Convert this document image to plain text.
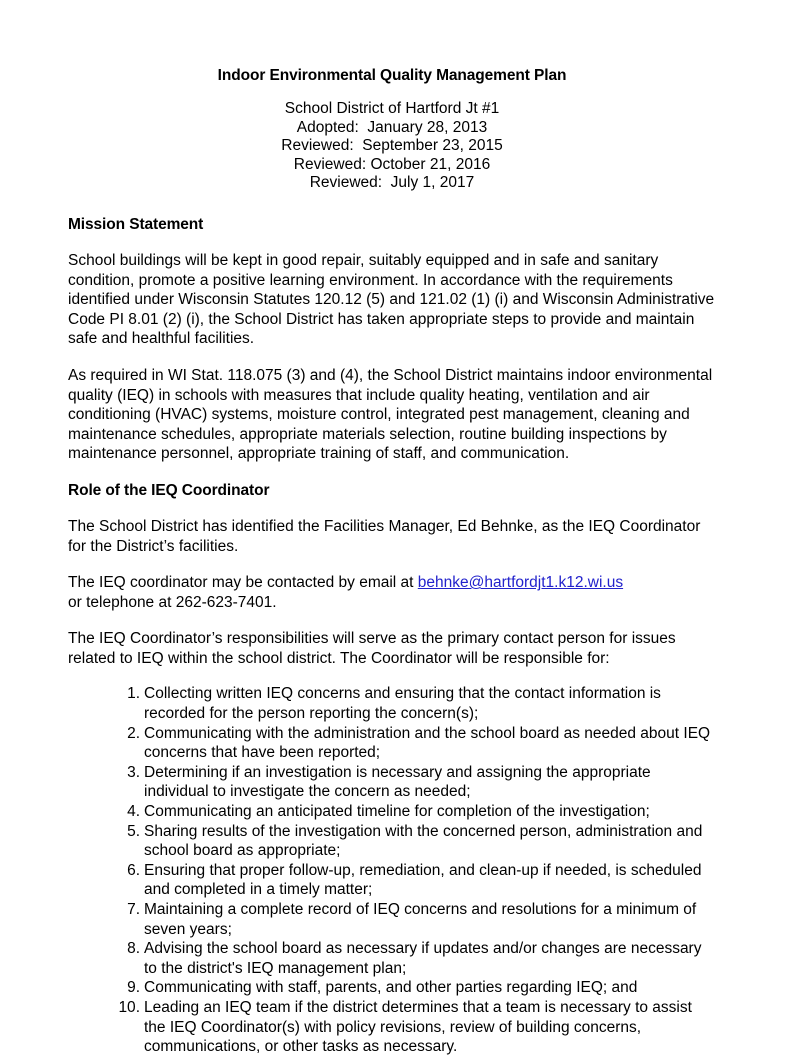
Indoor Environmental Quality Management Plan
School District of Hartford Jt #1
Adopted:  January 28, 2013
Reviewed:  September 23, 2015
Reviewed: October 21, 2016
Reviewed:  July 1, 2017
Mission Statement

School buildings will be kept in good repair, suitably equipped and in safe and sanitary condition, promote a positive learning environment. In accordance with the requirements identified under Wisconsin Statutes 120.12 (5) and 121.02 (1) (i) and Wisconsin Administrative Code PI 8.01 (2) (i), the School District has taken appropriate steps to provide and maintain safe and healthful facilities.

As required in WI Stat. 118.075 (3) and (4), the School District maintains indoor environmental quality (IEQ) in schools with measures that include quality heating, ventilation and air conditioning (HVAC) systems, moisture control, integrated pest management, cleaning and maintenance schedules, appropriate materials selection, routine building inspections by maintenance personnel, appropriate training of staff, and communication.

Role of the IEQ Coordinator

The School District has identified the Facilities Manager, Ed Behnke, as the IEQ Coordinator for the District’s facilities.

The IEQ coordinator may be contacted by email at behnke@hartfordjt1.k12.wi.us
or telephone at 262-623-7401.

The IEQ Coordinator’s responsibilities will serve as the primary contact person for issues related to IEQ within the school district. The Coordinator will be responsible for:

Collecting written IEQ concerns and ensuring that the contact information is recorded for the person reporting the concern(s);
Communicating with the administration and the school board as needed about IEQ concerns that have been reported;
Determining if an investigation is necessary and assigning the appropriate individual to investigate the concern as needed;
Communicating an anticipated timeline for completion of the investigation;
Sharing results of the investigation with the concerned person, administration and school board as appropriate;
Ensuring that proper follow-up, remediation, and clean-up if needed, is scheduled and completed in a timely matter;
Maintaining a complete record of IEQ concerns and resolutions for a minimum of seven years;
Advising the school board as necessary if updates and/or changes are necessary to the district's IEQ management plan;
Communicating with staff, parents, and other parties regarding IEQ; and
Leading an IEQ team if the district determines that a team is necessary to assist the IEQ Coordinator(s) with policy revisions, review of building concerns, communications, or other tasks as necessary.
